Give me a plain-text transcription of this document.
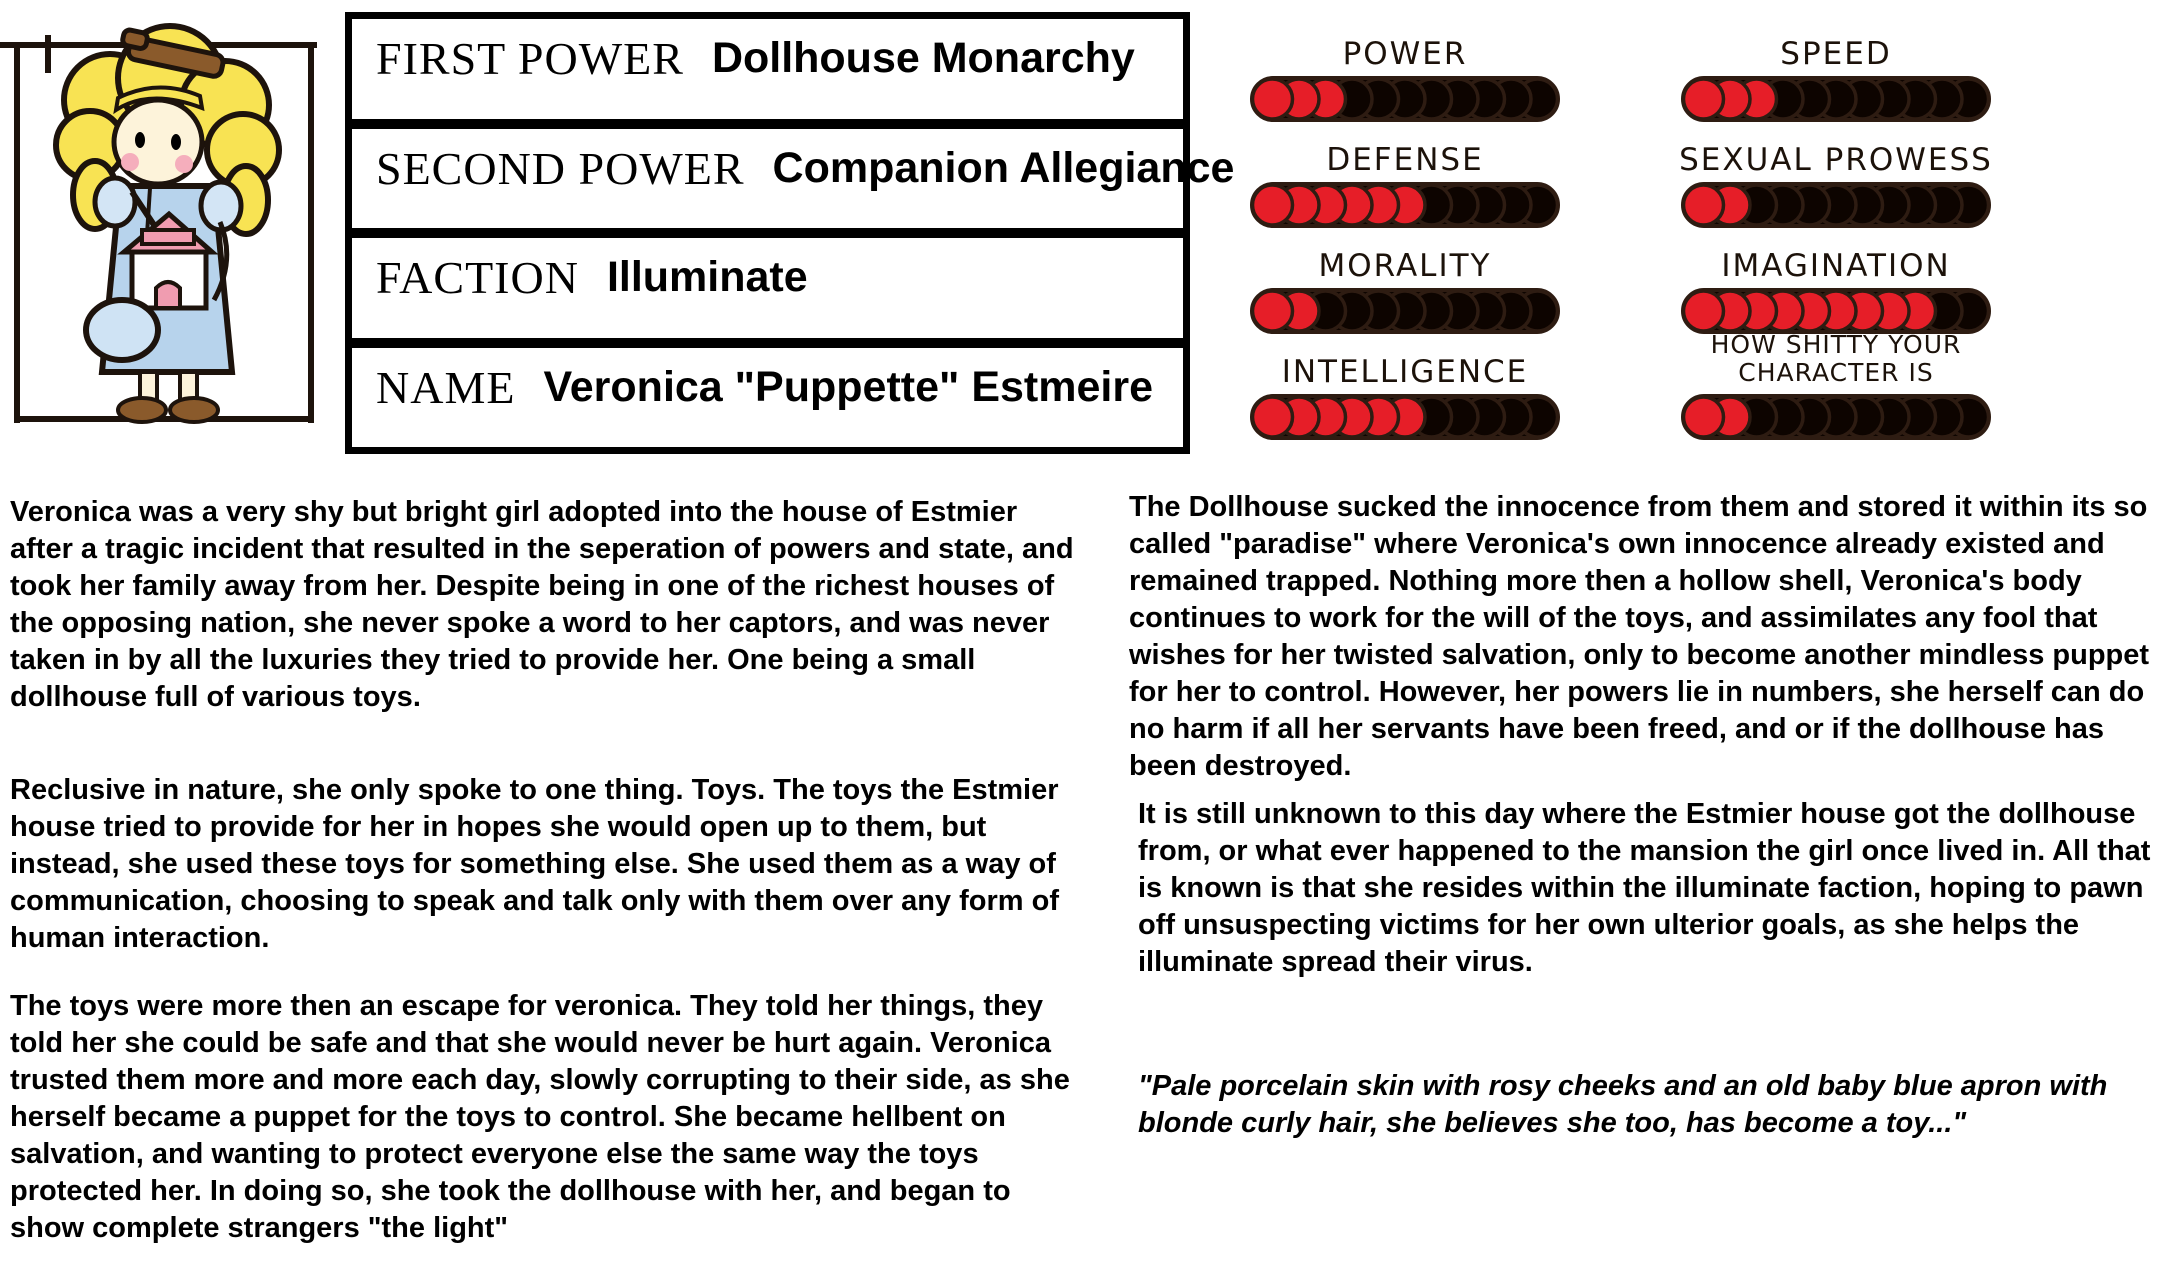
FIRST POWER Dollhouse Monarchy
SECOND POWER Companion Allegiance
FACTION Illuminate
NAME Veronica "Puppette" Estmeire
POWER
DEFENSE
MORALITY
INTELLIGENCE
SPEED
SEXUAL PROWESS
IMAGINATION
HOW SHITTY YOUR CHARACTER IS
Veronica was a very shy but bright girl adopted into the house of Estmier after a tragic incident that resulted in the seperation of powers and state, and took her family away from her. Despite being in one of the richest houses of the opposing nation, she never spoke a word to her captors, and was never taken in by all the luxuries they tried to provide her. One being a small dollhouse full of various toys.
Reclusive in nature, she only spoke to one thing. Toys. The toys the Estmier house tried to provide for her in hopes she would open up to them, but instead, she used these toys for something else. She used them as a way of communication, choosing to speak and talk only with them over any form of human interaction.
The toys were more then an escape for veronica. They told her things, they told her she could be safe and that she would never be hurt again. Veronica trusted them more and more each day, slowly corrupting to their side, as she herself became a puppet for the toys to control. She became hellbent on salvation, and wanting to protect everyone else the same way the toys protected her. In doing so, she took the dollhouse with her, and began to show complete strangers "the light"
The Dollhouse sucked the innocence from them and stored it within its so called "paradise" where Veronica's own innocence already existed and remained trapped. Nothing more then a hollow shell, Veronica's body continues to work for the will of the toys, and assimilates any fool that wishes for her twisted salvation, only to become another mindless puppet for her to control. However, her powers lie in numbers, she herself can do no harm if all her servants have been freed, and or if the dollhouse has been destroyed.
It is still unknown to this day where the Estmier house got the dollhouse from, or what ever happened to the mansion the girl once lived in. All that is known is that she resides within the illuminate faction, hoping to pawn off unsuspecting victims for her own ulterior goals, as she helps the illuminate spread their virus.
"Pale porcelain skin with rosy cheeks and an old baby blue apron with blonde curly hair, she believes she too, has become a toy..."
